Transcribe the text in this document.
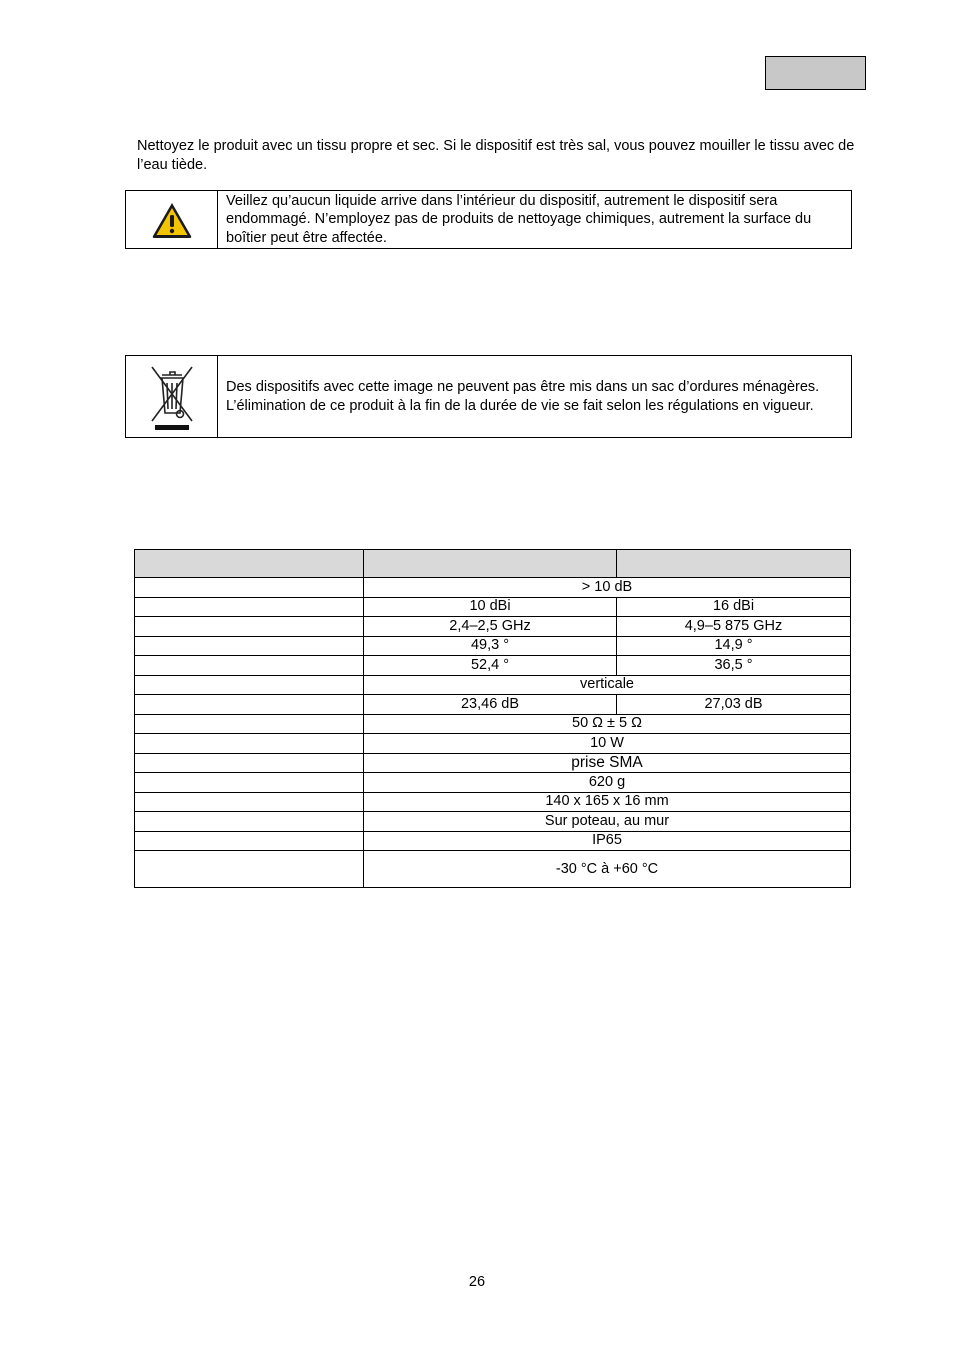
Nettoyez le produit avec un tissu propre et sec. Si le dispositif est très sal, vous pouvez mouiller le tissu avec de l’eau tiède.

Veillez qu’aucun liquide arrive dans l’intérieur du dispositif, autrement le dispositif sera endommagé. N’employez pas de produits de nettoyage chimiques, autrement la surface du boîtier peut être affectée.
Des dispositifs avec cette image ne peuvent pas être mis dans un sac d’ordures ménagères. L’élimination de ce produit à la fin de la durée de vie se fait selon les régulations en vigueur.

	> 10 dB	
	10 dBi	16 dBi
	2,4–2,5 GHz	4,9–5 875 GHz
	49,3 °	14,9 °
	52,4 °	36,5 °
	verticale	
	23,46 dB	27,03 dB
	50 Ω ± 5 Ω	
	10 W	
	prise SMA	
	620 g	
	140 x 165 x 16 mm	
	Sur poteau, au mur	
	IP65	
	-30 °C à +60 °C	
26
